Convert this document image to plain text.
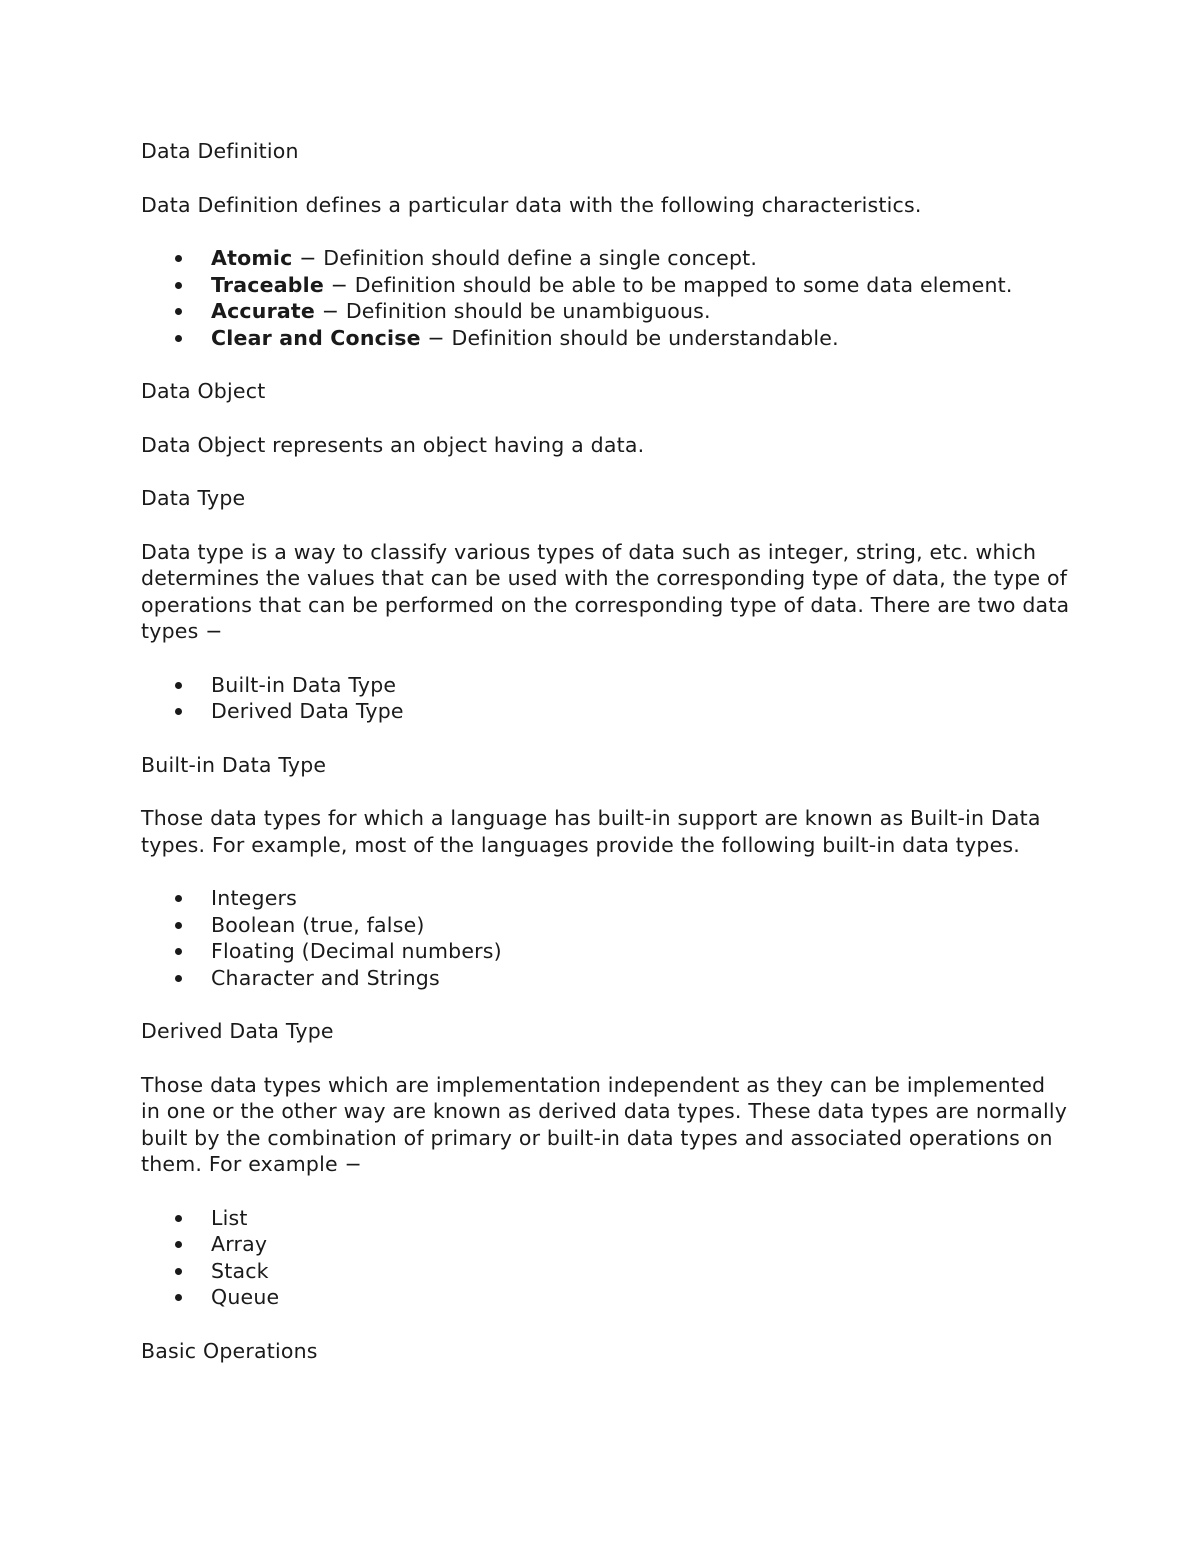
Data Definition

Data Definition defines a particular data with the following characteristics.

Atomic − Definition should define a single concept.
Traceable − Definition should be able to be mapped to some data element.
Accurate − Definition should be unambiguous.
Clear and Concise − Definition should be understandable.

Data Object

Data Object represents an object having a data.

Data Type

Data type is a way to classify various types of data such as integer, string, etc. which determines the values that can be used with the corresponding type of data, the type of operations that can be performed on the corresponding type of data. There are two data types −

Built-in Data Type
Derived Data Type

Built-in Data Type

Those data types for which a language has built-in support are known as Built-in Data types. For example, most of the languages provide the following built-in data types.

Integers
Boolean (true, false)
Floating (Decimal numbers)
Character and Strings

Derived Data Type

Those data types which are implementation independent as they can be implemented in one or the other way are known as derived data types. These data types are normally built by the combination of primary or built-in data types and associated operations on them. For example −

List
Array
Stack
Queue

Basic Operations
